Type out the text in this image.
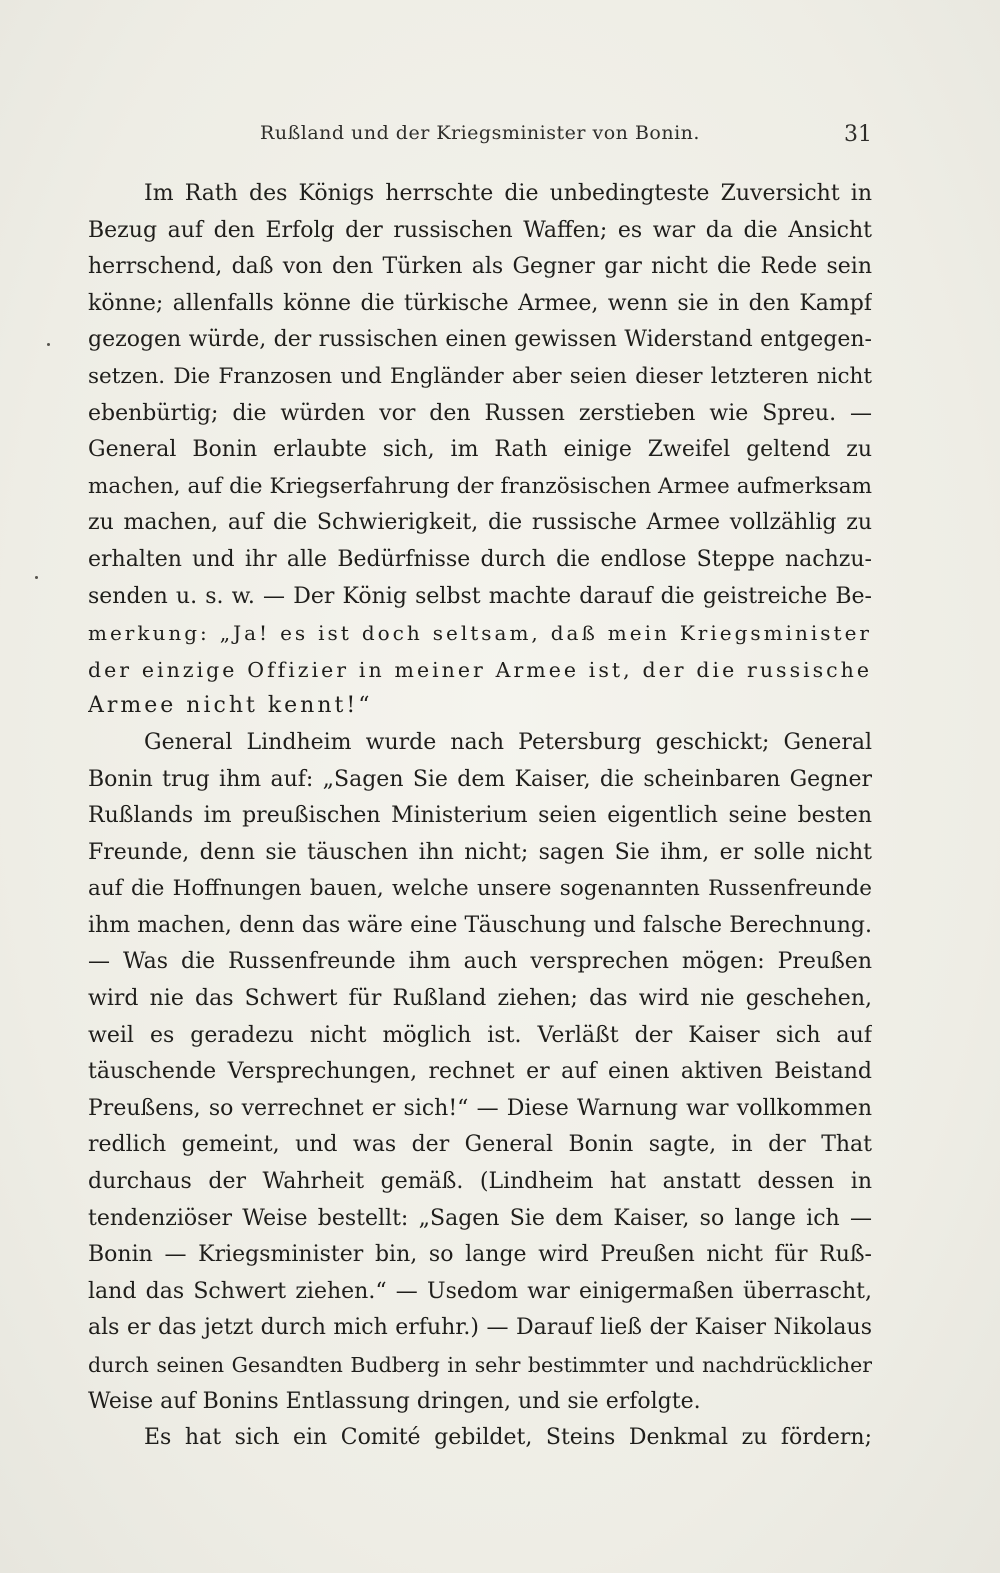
Rußland und der Kriegsminister von Bonin.	31
Im Rath des Königs herrschte die unbedingteste Zuversicht in
Bezug auf den Erfolg der russischen Waffen; es war da die Ansicht
herrschend, daß von den Türken als Gegner gar nicht die Rede sein
könne; allenfalls könne die türkische Armee, wenn sie in den Kampf
gezogen würde, der russischen einen gewissen Widerstand entgegen-
setzen. Die Franzosen und Engländer aber seien dieser letzteren nicht
ebenbürtig; die würden vor den Russen zerstieben wie Spreu. —
General Bonin erlaubte sich, im Rath einige Zweifel geltend zu
machen, auf die Kriegserfahrung der französischen Armee aufmerksam
zu machen, auf die Schwierigkeit, die russische Armee vollzählig zu
erhalten und ihr alle Bedürfnisse durch die endlose Steppe nachzu-
senden u. s. w. — Der König selbst machte darauf die geistreiche Be-
merkung: „Ja! es ist doch seltsam, daß mein Kriegsminister
der einzige Offizier in meiner Armee ist, der die russische
Armee nicht kennt!“
General Lindheim wurde nach Petersburg geschickt; General
Bonin trug ihm auf: „Sagen Sie dem Kaiser, die scheinbaren Gegner
Rußlands im preußischen Ministerium seien eigentlich seine besten
Freunde, denn sie täuschen ihn nicht; sagen Sie ihm, er solle nicht
auf die Hoffnungen bauen, welche unsere sogenannten Russenfreunde
ihm machen, denn das wäre eine Täuschung und falsche Berechnung.
— Was die Russenfreunde ihm auch versprechen mögen: Preußen
wird nie das Schwert für Rußland ziehen; das wird nie geschehen,
weil es geradezu nicht möglich ist. Verläßt der Kaiser sich auf
täuschende Versprechungen, rechnet er auf einen aktiven Beistand
Preußens, so verrechnet er sich!“ — Diese Warnung war vollkommen
redlich gemeint, und was der General Bonin sagte, in der That
durchaus der Wahrheit gemäß. (Lindheim hat anstatt dessen in
tendenziöser Weise bestellt: „Sagen Sie dem Kaiser, so lange ich —
Bonin — Kriegsminister bin, so lange wird Preußen nicht für Ruß-
land das Schwert ziehen.“ — Usedom war einigermaßen überrascht,
als er das jetzt durch mich erfuhr.) — Darauf ließ der Kaiser Nikolaus
durch seinen Gesandten Budberg in sehr bestimmter und nachdrücklicher
Weise auf Bonins Entlassung dringen, und sie erfolgte.
Es hat sich ein Comité gebildet, Steins Denkmal zu fördern;
